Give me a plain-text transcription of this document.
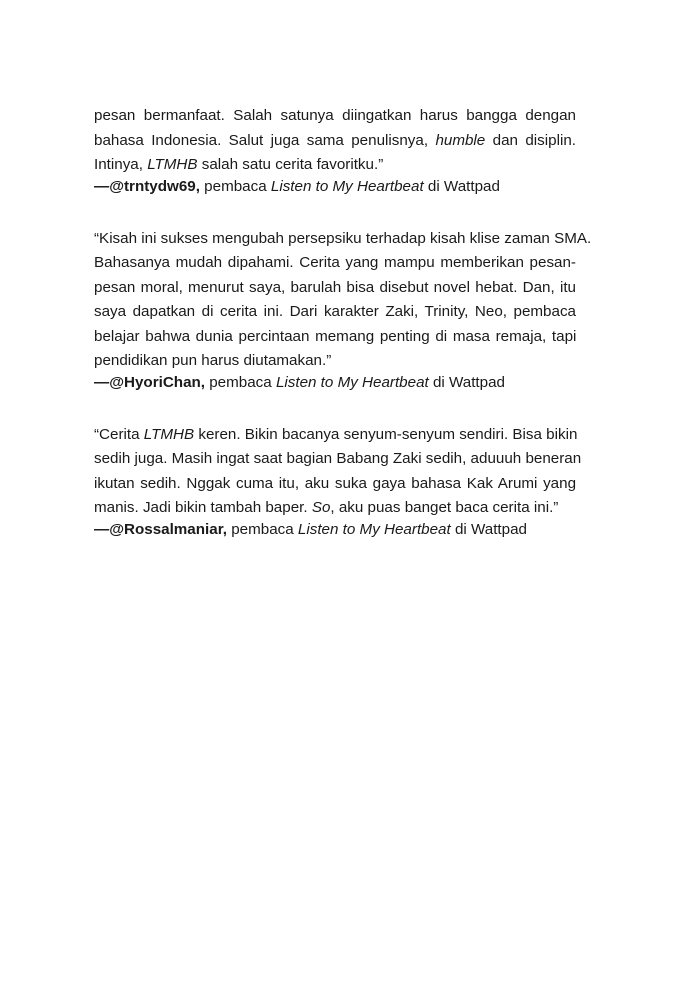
pesan bermanfaat. Salah satunya diingatkan harus bangga dengan
bahasa Indonesia. Salut juga sama penulisnya, humble dan disiplin.
Intinya, LTMHB salah satu cerita favoritku.”

—@trntydw69, pembaca Listen to My Heartbeat di Wattpad

“Kisah ini sukses mengubah persepsiku terhadap kisah klise zaman SMA.
Bahasanya mudah dipahami. Cerita yang mampu memberikan pesan-
pesan moral, menurut saya, barulah bisa disebut novel hebat. Dan, itu
saya dapatkan di cerita ini. Dari karakter Zaki, Trinity, Neo, pembaca
belajar bahwa dunia percintaan memang penting di masa remaja, tapi
pendidikan pun harus diutamakan.”

—@HyoriChan, pembaca Listen to My Heartbeat di Wattpad

“Cerita LTMHB keren. Bikin bacanya senyum-senyum sendiri. Bisa bikin
sedih juga. Masih ingat saat bagian Babang Zaki sedih, aduuuh beneran
ikutan sedih. Nggak cuma itu, aku suka gaya bahasa Kak Arumi yang
manis. Jadi bikin tambah baper. So, aku puas banget baca cerita ini.”

—@Rossalmaniar, pembaca Listen to My Heartbeat di Wattpad
